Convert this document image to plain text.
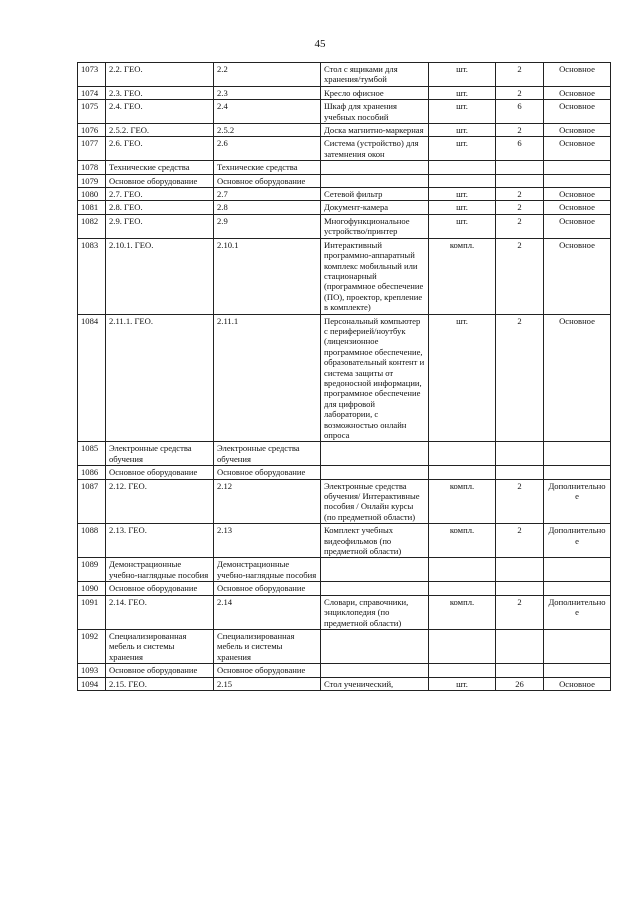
45
1073	2.2. ГЕО.	2.2	Стол с ящиками для хранения/тумбой	шт.	2	Основное
1074	2.3. ГЕО.	2.3	Кресло офисное	шт.	2	Основное
1075	2.4. ГЕО.	2.4	Шкаф для хранения учебных пособий	шт.	6	Основное
1076	2.5.2. ГЕО.	2.5.2	Доска магнитно-маркерная	шт.	2	Основное
1077	2.6. ГЕО.	2.6	Система (устройство) для затемнения окон	шт.	6	Основное
1078	Технические средства	Технические средства				
1079	Основное оборудование	Основное оборудование				
1080	2.7. ГЕО.	2.7	Сетевой фильтр	шт.	2	Основное
1081	2.8. ГЕО.	2.8	Документ-камера	шт.	2	Основное
1082	2.9. ГЕО.	2.9	Многофункциональное устройство/принтер	шт.	2	Основное
1083	2.10.1. ГЕО.	2.10.1	Интерактивный программно-аппаратный комплекс мобильный или стационарный (программное обеспечение (ПО), проектор, крепление в комплекте)	компл.	2	Основное
1084	2.11.1. ГЕО.	2.11.1	Персональный компьютер с периферией/ноутбук (лицензионное программное обеспечение, образовательный контент и система защиты от вредоносной информации, программное обеспечение для цифровой лаборатории, с возможностью онлайн опроса	шт.	2	Основное
1085	Электронные средства обучения	Электронные средства обучения				
1086	Основное оборудование	Основное оборудование				
1087	2.12. ГЕО.	2.12	Электронные средства обучения/ Интерактивные пособия / Онлайн курсы (по предметной области)	компл.	2	Дополнительное
1088	2.13. ГЕО.	2.13	Комплект учебных видеофильмов (по предметной области)	компл.	2	Дополнительное
1089	Демонстрационные учебно-наглядные пособия	Демонстрационные учебно-наглядные пособия				
1090	Основное оборудование	Основное оборудование				
1091	2.14. ГЕО.	2.14	Словари, справочники, энциклопедия (по предметной области)	компл.	2	Дополнительное
1092	Специализированная мебель и системы хранения	Специализированная мебель и системы хранения				
1093	Основное оборудование	Основное оборудование				
1094	2.15. ГЕО.	2.15	Стол ученический,	шт.	26	Основное
